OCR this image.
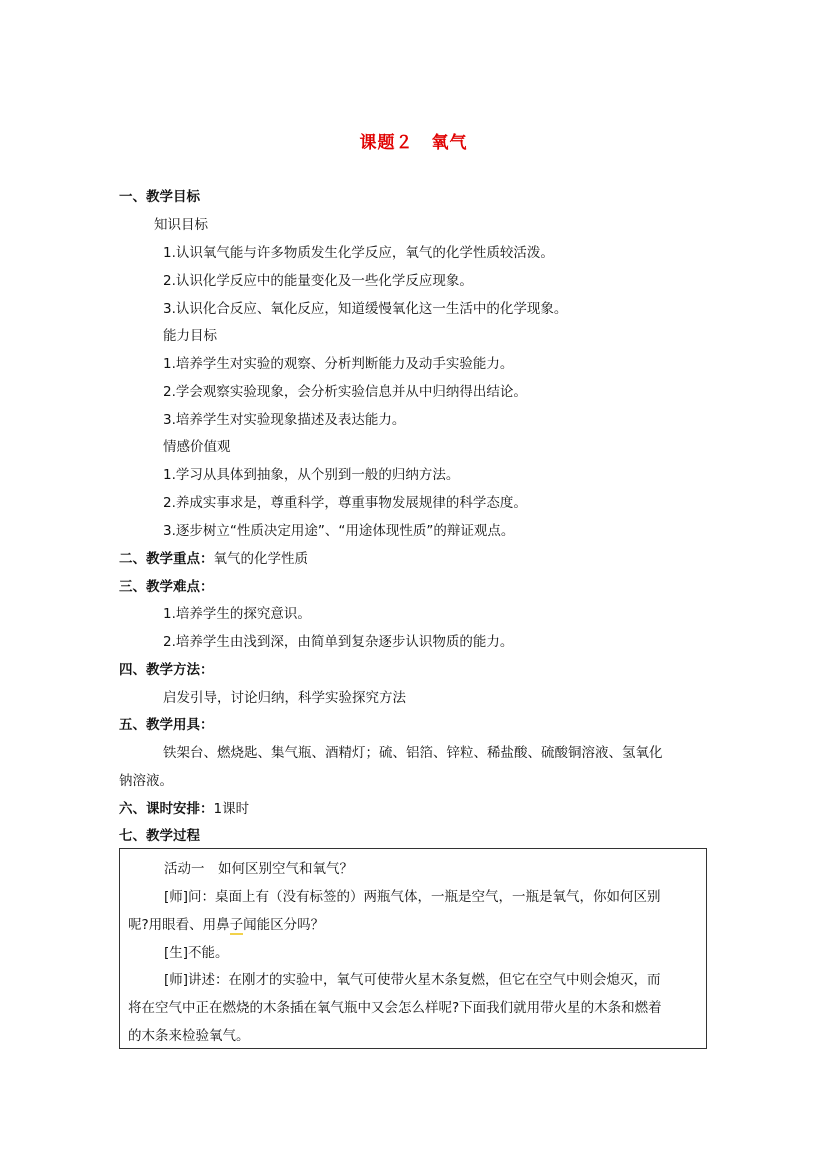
课题２　氧气
一、教学目标
知识目标
1.认识氧气能与许多物质发生化学反应，氧气的化学性质较活泼。
2.认识化学反应中的能量变化及一些化学反应现象。
3.认识化合反应、氧化反应，知道缓慢氧化这一生活中的化学现象。
能力目标
1.培养学生对实验的观察、分析判断能力及动手实验能力。
2.学会观察实验现象，会分析实验信息并从中归纳得出结论。
3.培养学生对实验现象描述及表达能力。
情感价值观
1.学习从具体到抽象，从个别到一般的归纳方法。
2.养成实事求是，尊重科学，尊重事物发展规律的科学态度。
3.逐步树立“性质决定用途”、“用途体现性质”的辩证观点。
二、教学重点：氧气的化学性质
三、教学难点：
1.培养学生的探究意识。
2.培养学生由浅到深，由简单到复杂逐步认识物质的能力。
四、教学方法：
启发引导，讨论归纳，科学实验探究方法
五、教学用具：
铁架台、燃烧匙、集气瓶、酒精灯；硫、铝箔、锌粒、稀盐酸、硫酸铜溶液、氢氧化
钠溶液。
六、课时安排：1课时
七、教学过程
活动一　如何区别空气和氧气？
[师]问：桌面上有（没有标签的）两瓶气体，一瓶是空气，一瓶是氧气，你如何区别
呢?用眼看、用鼻子闻能区分吗？
[生]不能。
[师]讲述：在刚才的实验中，氧气可使带火星木条复燃，但它在空气中则会熄灭，而
将在空气中正在燃烧的木条插在氧气瓶中又会怎么样呢?下面我们就用带火星的木条和燃着
的木条来检验氧气。
